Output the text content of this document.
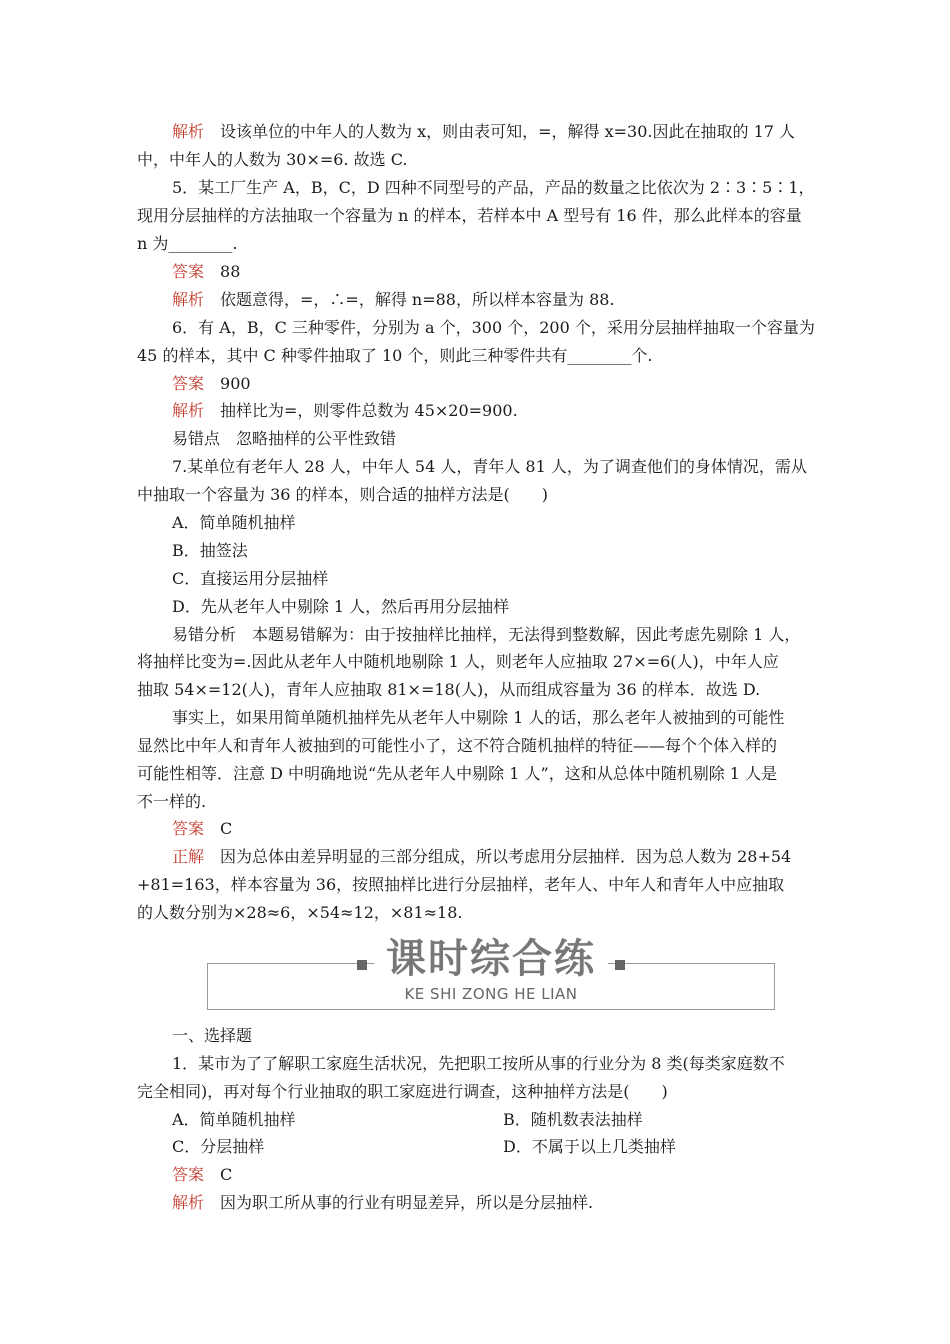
解析 设该单位的中年人的人数为 x，则由表可知，=，解得 x=30.因此在抽取的 17 人
中，中年人的人数为 30×=6. 故选 C.
5．某工厂生产 A，B，C，D 四种不同型号的产品，产品的数量之比依次为 2∶3∶5∶1，
现用分层抽样的方法抽取一个容量为 n 的样本，若样本中 A 型号有 16 件，那么此样本的容量
n 为________.
答案 88
解析 依题意得，=，∴=，解得 n=88，所以样本容量为 88.
6．有 A，B，C 三种零件，分别为 a 个，300 个，200 个，采用分层抽样抽取一个容量为
45 的样本，其中 C 种零件抽取了 10 个，则此三种零件共有________个.
答案 900
解析 抽样比为=，则零件总数为 45×20=900.
易错点　忽略抽样的公平性致错
7.某单位有老年人 28 人，中年人 54 人，青年人 81 人，为了调查他们的身体情况，需从
中抽取一个容量为 36 的样本，则合适的抽样方法是(　　)
A．简单随机抽样
B．抽签法
C．直接运用分层抽样
D．先从老年人中剔除 1 人，然后再用分层抽样
易错分析　本题易错解为：由于按抽样比抽样，无法得到整数解，因此考虑先剔除 1 人，
将抽样比变为=.因此从老年人中随机地剔除 1 人，则老年人应抽取 27×=6(人)，中年人应
抽取 54×=12(人)，青年人应抽取 81×=18(人)，从而组成容量为 36 的样本．故选 D.
事实上，如果用简单随机抽样先从老年人中剔除 1 人的话，那么老年人被抽到的可能性
显然比中年人和青年人被抽到的可能性小了，这不符合随机抽样的特征——每个个体入样的
可能性相等．注意 D 中明确地说“先从老年人中剔除 1 人”，这和从总体中随机剔除 1 人是
不一样的.
答案 C
正解 因为总体由差异明显的三部分组成，所以考虑用分层抽样．因为总人数为 28+54
+81=163，样本容量为 36，按照抽样比进行分层抽样，老年人、中年人和青年人中应抽取
的人数分别为×28≈6，×54≈12，×81≈18.
课时综合练
KE SHI ZONG HE LIAN
一、选择题
1．某市为了了解职工家庭生活状况，先把职工按所从事的行业分为 8 类(每类家庭数不
完全相同)，再对每个行业抽取的职工家庭进行调查，这种抽样方法是(　　)
A．简单随机抽样	B．随机数表法抽样
C．分层抽样	D．不属于以上几类抽样
答案 C
解析 因为职工所从事的行业有明显差异，所以是分层抽样.
